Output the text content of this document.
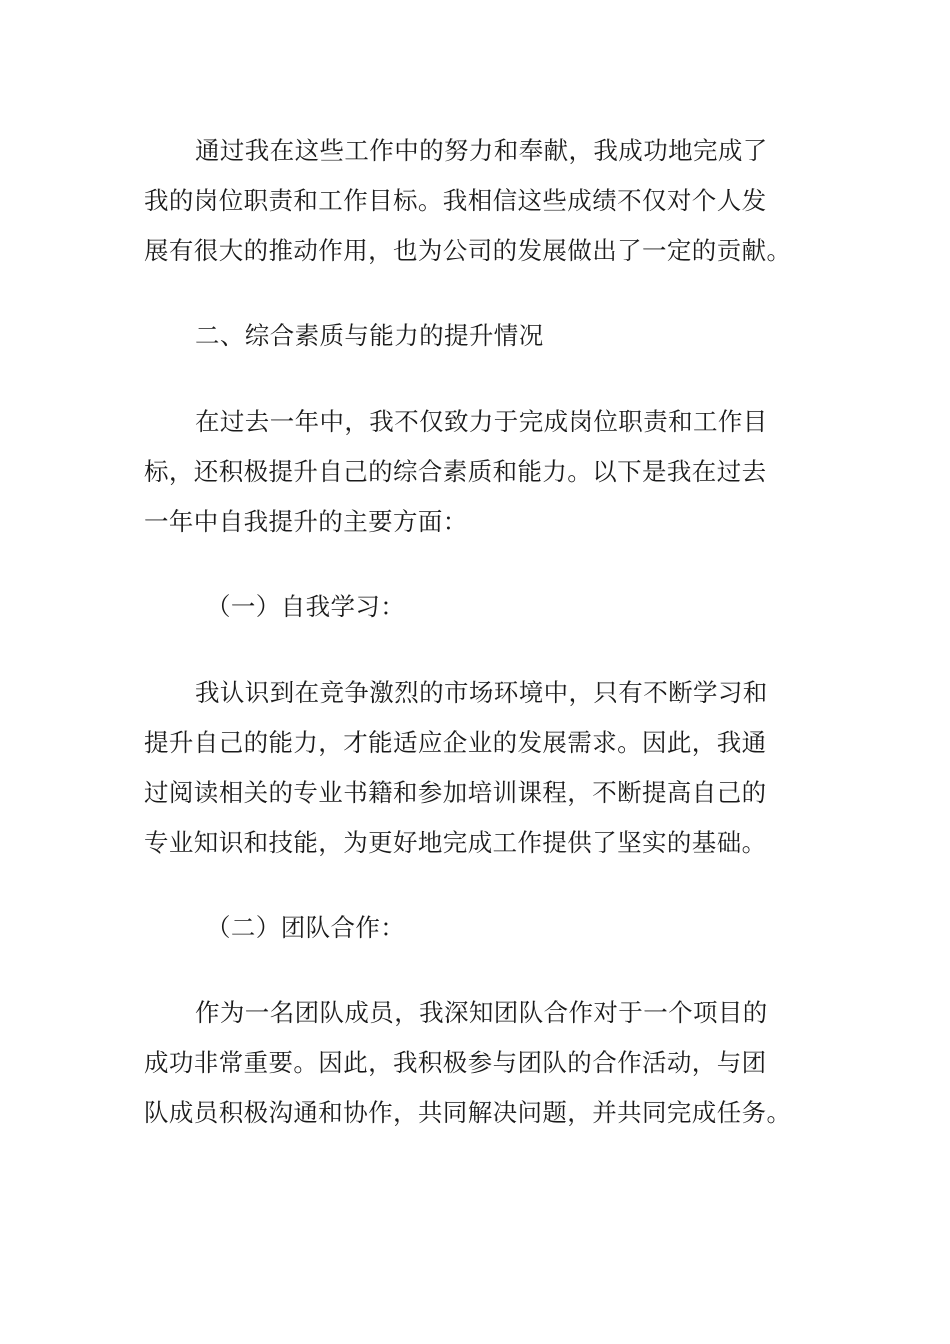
通过我在这些工作中的努力和奉献，我成功地完成了
我的岗位职责和工作目标。我相信这些成绩不仅对个人发
展有很大的推动作用，也为公司的发展做出了一定的贡献。

二、综合素质与能力的提升情况

在过去一年中，我不仅致力于完成岗位职责和工作目
标，还积极提升自己的综合素质和能力。以下是我在过去
一年中自我提升的主要方面：

（一）自我学习：

我认识到在竞争激烈的市场环境中，只有不断学习和
提升自己的能力，才能适应企业的发展需求。因此，我通
过阅读相关的专业书籍和参加培训课程，不断提高自己的
专业知识和技能，为更好地完成工作提供了坚实的基础。

（二）团队合作：

作为一名团队成员，我深知团队合作对于一个项目的
成功非常重要。因此，我积极参与团队的合作活动，与团
队成员积极沟通和协作，共同解决问题，并共同完成任务。
